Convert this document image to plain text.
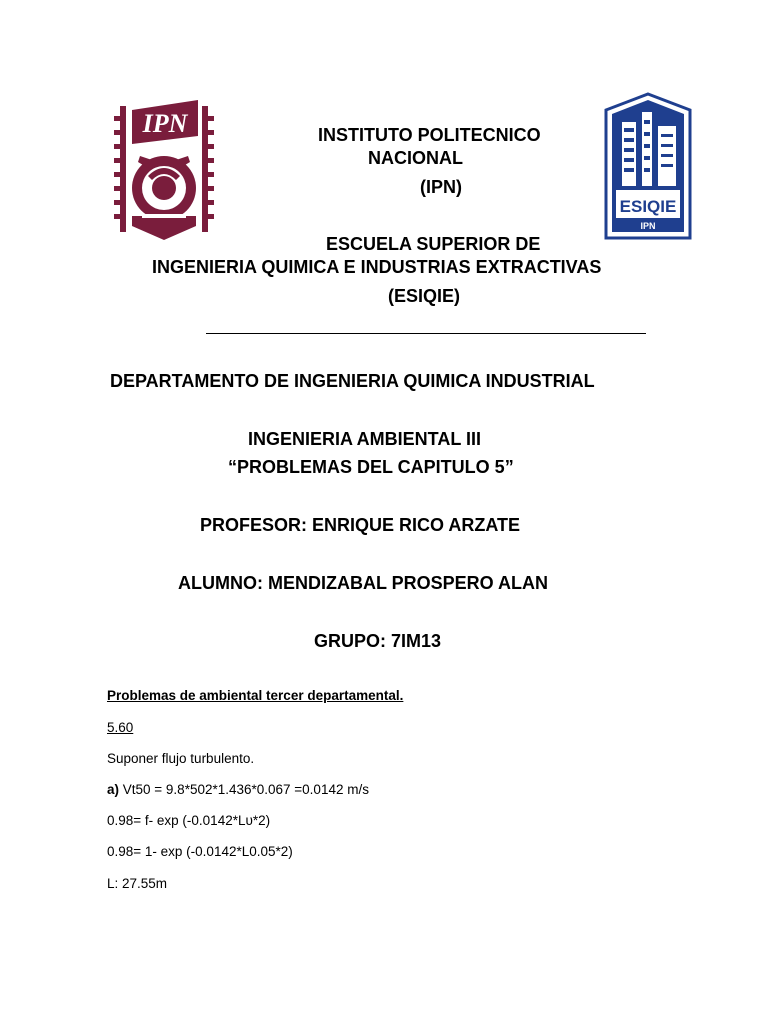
IPN
ESIQIE
IPN
INSTITUTO POLITECNICO
NACIONAL
(IPN)
ESCUELA SUPERIOR DE
INGENIERIA QUIMICA E INDUSTRIAS EXTRACTIVAS
(ESIQIE)
DEPARTAMENTO DE INGENIERIA QUIMICA INDUSTRIAL
INGENIERIA AMBIENTAL III
“PROBLEMAS DEL CAPITULO 5”
PROFESOR: ENRIQUE RICO ARZATE
ALUMNO: MENDIZABAL PROSPERO ALAN
GRUPO: 7IM13
Problemas de ambiental tercer departamental.
5.60
Suponer flujo turbulento.
a) Vt50 = 9.8*502*1.436*0.067 =0.0142 m/s
0.98= f- exp (-0.0142*Lυ*2)
0.98= 1- exp (-0.0142*L0.05*2)
L: 27.55m
